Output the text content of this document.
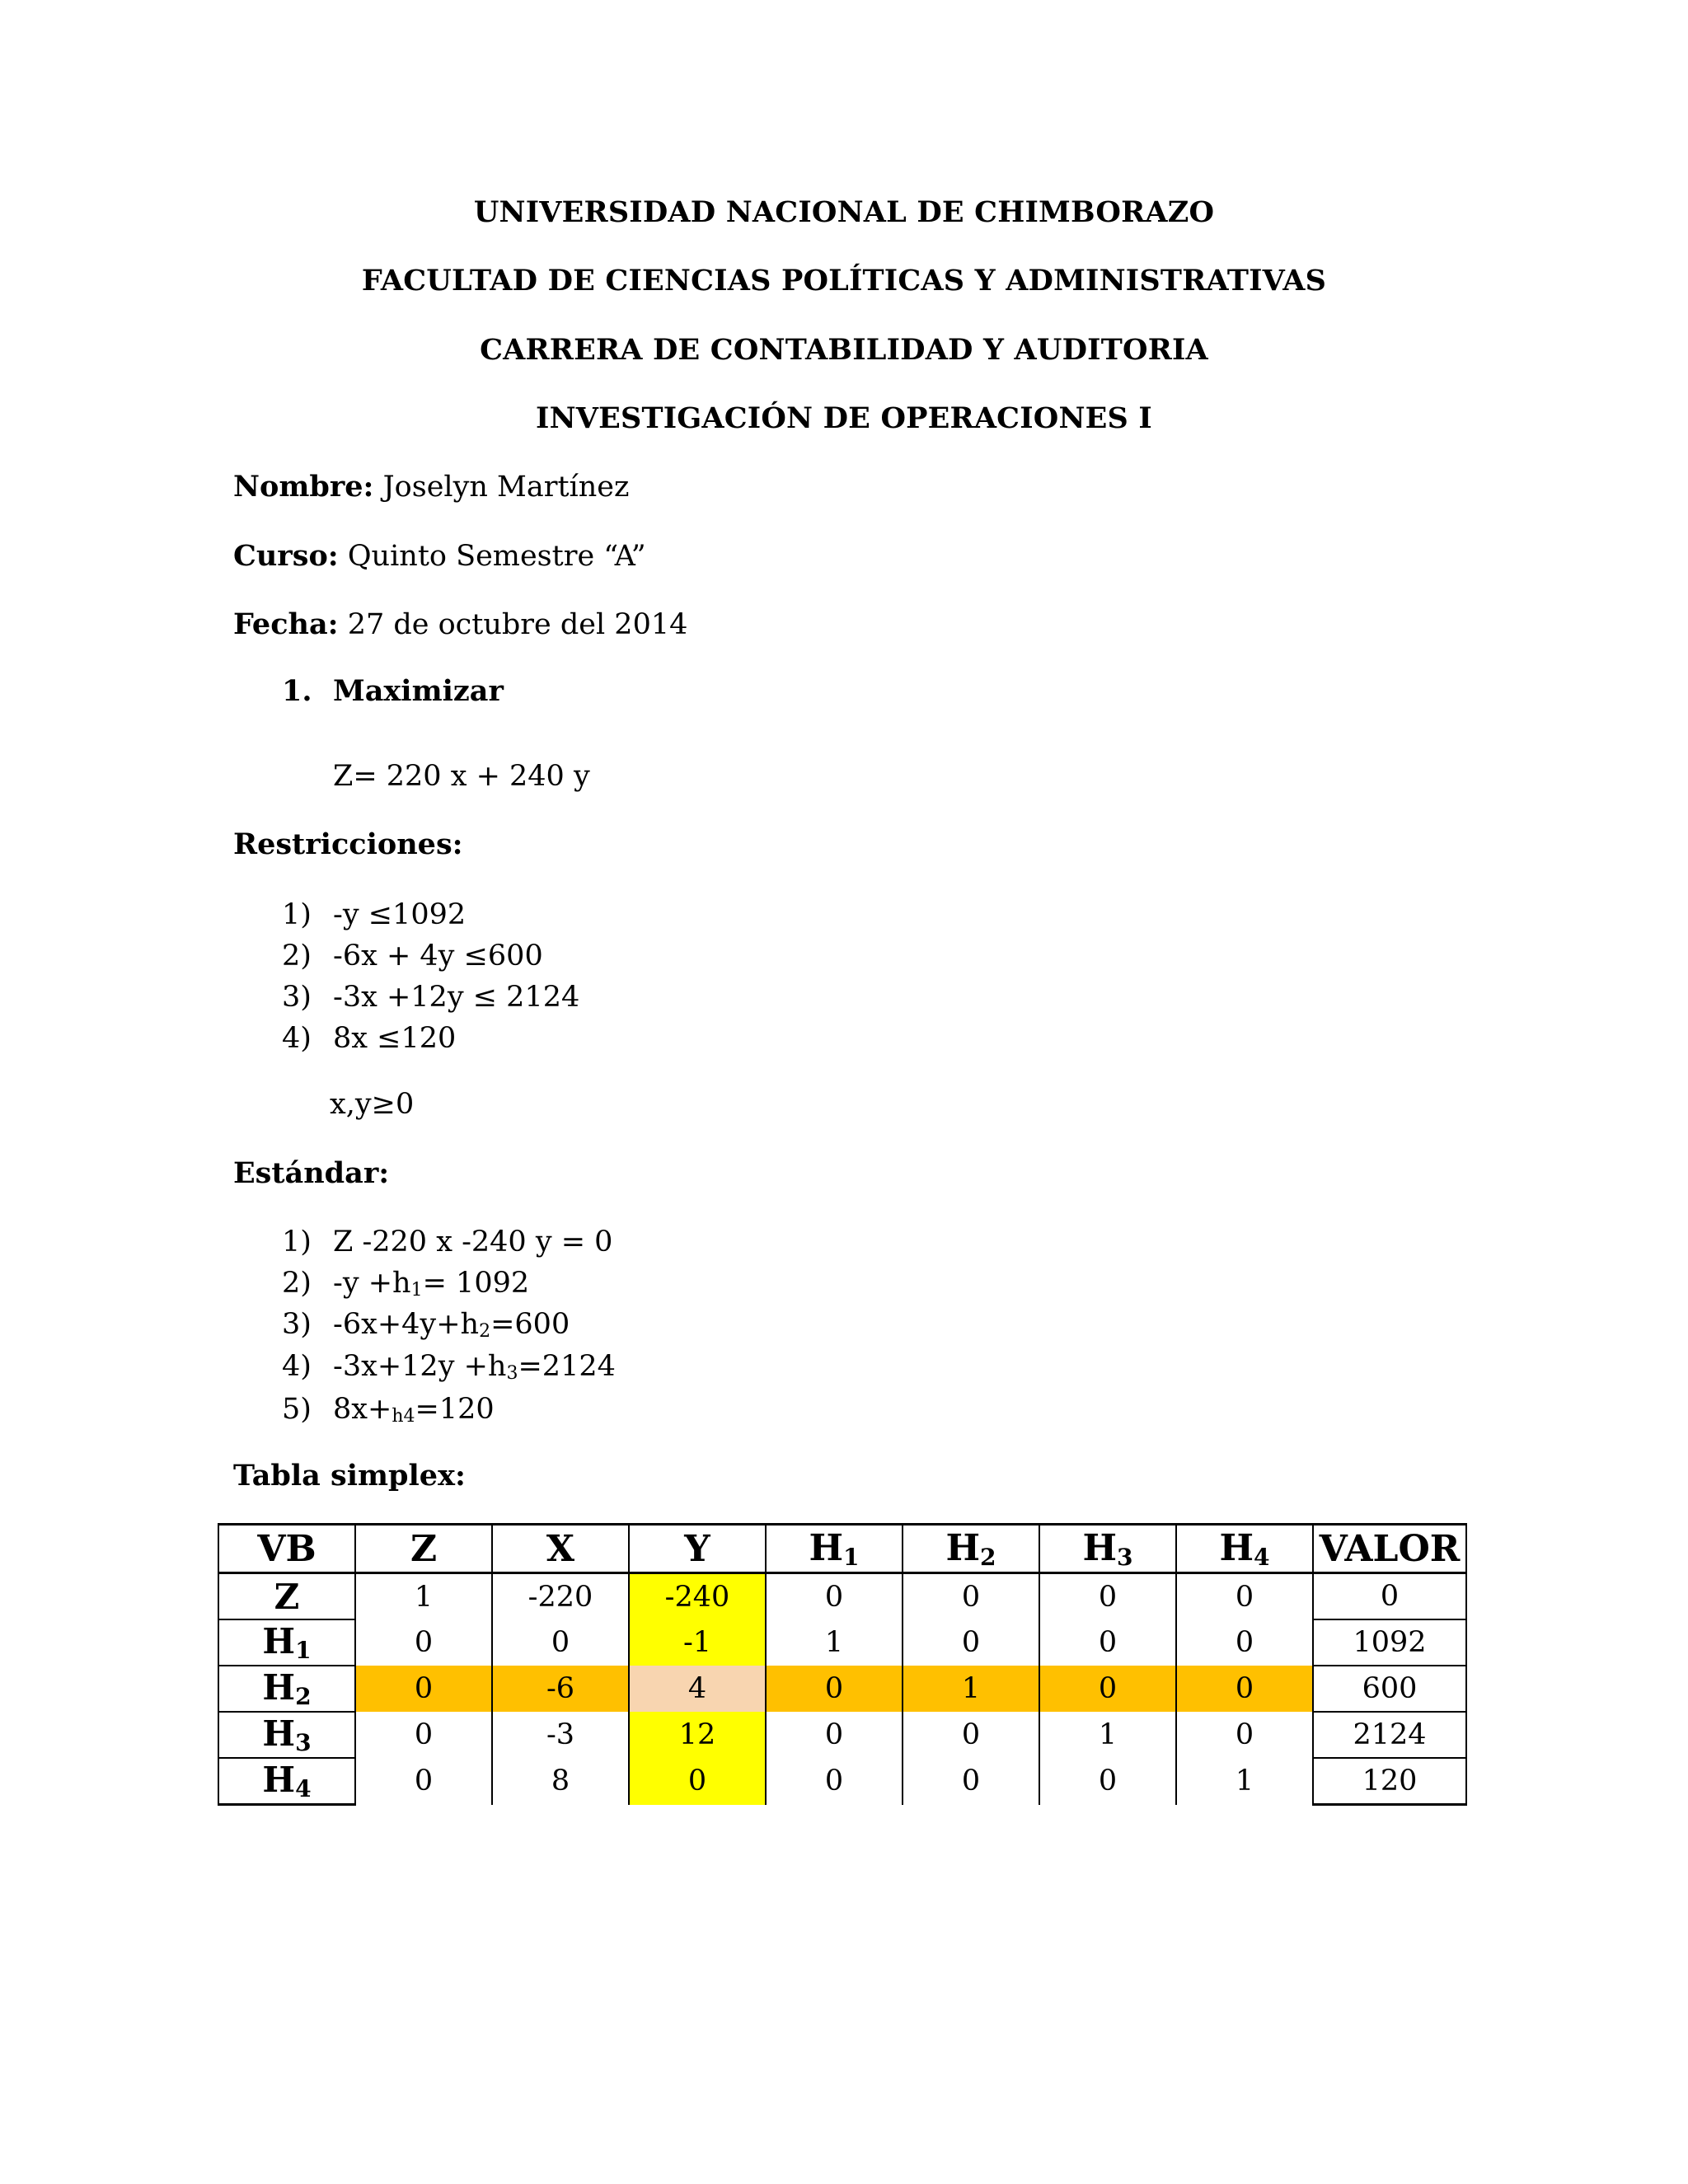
UNIVERSIDAD NACIONAL DE CHIMBORAZO
FACULTAD DE CIENCIAS POLÍTICAS Y ADMINISTRATIVAS
CARRERA DE CONTABILIDAD Y AUDITORIA
INVESTIGACIÓN DE OPERACIONES I
Nombre: Joselyn Martínez
Curso: Quinto Semestre “A”
Fecha: 27 de octubre del 2014
1. Maximizar
Z= 220 x + 240 y
Restricciones:
1) -y ≤1092
2) -6x + 4y ≤600
3) -3x +12y ≤ 2124
4) 8x ≤120
x,y≥0
Estándar:
1) Z -220 x -240 y = 0
2) $-y +h_1= 1092$
3) $-6x+4y+h_2=600$
4) $-3x+12y +h_3=2124$
5) $8x+_{h4}=120$
Tabla simplex:
VB	Z	X	Y	$H_1$	$H_2$	$H_3$	$H_4$	VALOR
Z	1	-220	-240	0	0	0	0	0
$H_1$	0	0	-1	1	0	0	0	1092
$H_2$	0	-6	4	0	1	0	0	600
$H_3$	0	-3	12	0	0	1	0	2124
$H_4$	0	8	0	0	0	0	1	120
